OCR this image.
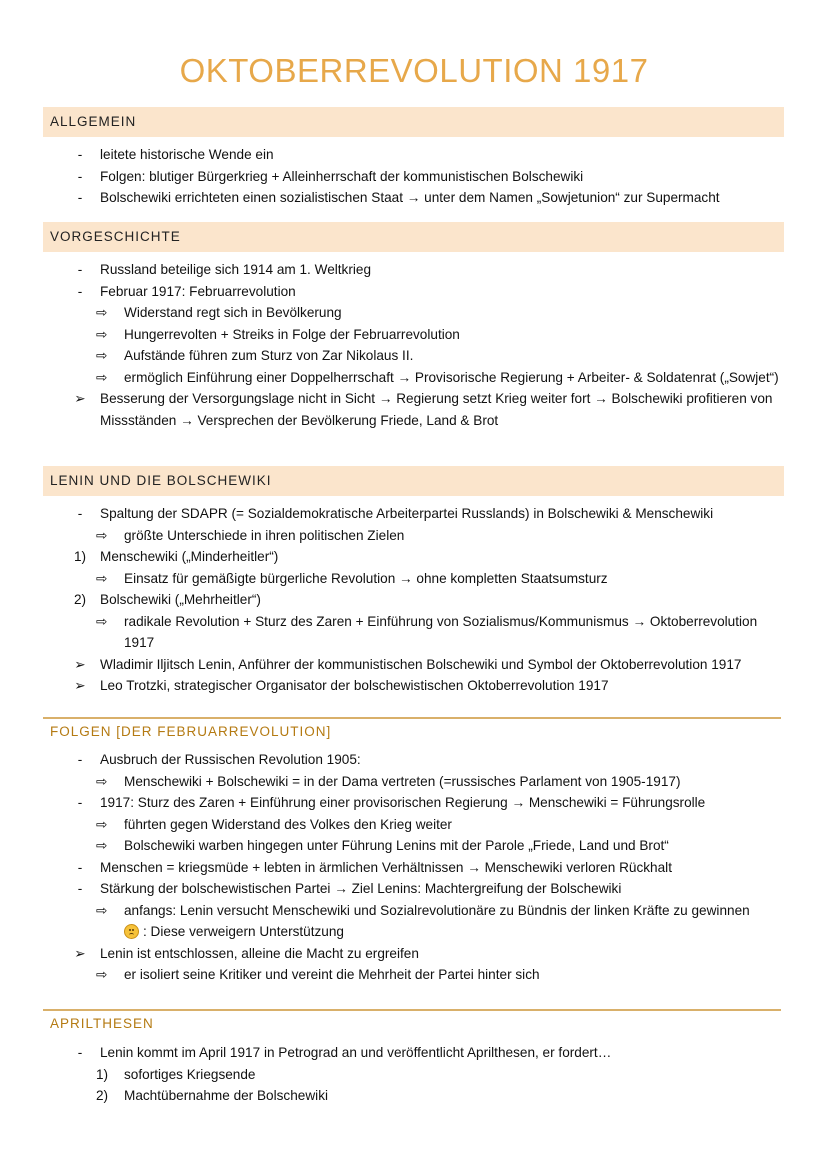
OKTOBERREVOLUTION 1917
ALLGEMEIN
-	leitete historische Wende ein
-	Folgen: blutiger Bürgerkrieg + Alleinherrschaft der kommunistischen Bolschewiki
-	Bolschewiki errichteten einen sozialistischen Staat → unter dem Namen „Sowjetunion“ zur Supermacht
VORGESCHICHTE
-	Russland beteilige sich 1914 am 1. Weltkrieg
-	Februar 1917: Februarrevolution
⇨	Widerstand regt sich in Bevölkerung
⇨	Hungerrevolten + Streiks in Folge der Februarrevolution
⇨	Aufstände führen zum Sturz von Zar Nikolaus II.
⇨	ermöglich Einführung einer Doppelherrschaft → Provisorische Regierung + Arbeiter- & Soldatenrat („Sowjet“)
➢	Besserung der Versorgungslage nicht in Sicht → Regierung setzt Krieg weiter fort → Bolschewiki profitieren von Missständen → Versprechen der Bevölkerung Friede, Land & Brot
LENIN UND DIE BOLSCHEWIKI
-	Spaltung der SDAPR (= Sozialdemokratische Arbeiterpartei Russlands) in Bolschewiki & Menschewiki
⇨	größte Unterschiede in ihren politischen Zielen
1)	Menschewiki („Minderheitler“)
⇨	Einsatz für gemäßigte bürgerliche Revolution → ohne kompletten Staatsumsturz
2)	Bolschewiki („Mehrheitler“)
⇨	radikale Revolution + Sturz des Zaren + Einführung von Sozialismus/Kommunismus → Oktoberrevolution 1917
➢	Wladimir Iljitsch Lenin, Anführer der kommunistischen Bolschewiki und Symbol der Oktoberrevolution 1917
➢	Leo Trotzki, strategischer Organisator der bolschewistischen Oktoberrevolution 1917
FOLGEN [DER FEBRUARREVOLUTION]
-	Ausbruch der Russischen Revolution 1905:
⇨	Menschewiki + Bolschewiki = in der Dama vertreten (=russisches Parlament von 1905-1917)
-	1917: Sturz des Zaren + Einführung einer provisorischen Regierung → Menschewiki = Führungsrolle
⇨	führten gegen Widerstand des Volkes den Krieg weiter
⇨	Bolschewiki warben hingegen unter Führung Lenins mit der Parole „Friede, Land und Brot“
-	Menschen = kriegsmüde + lebten in ärmlichen Verhältnissen → Menschewiki verloren Rückhalt
-	Stärkung der bolschewistischen Partei → Ziel Lenins: Machtergreifung der Bolschewiki
⇨	anfangs: Lenin versucht Menschewiki und Sozialrevolutionäre zu Bündnis der linken Kräfte zu gewinnen

: Diese verweigern Unterstützung
➢	Lenin ist entschlossen, alleine die Macht zu ergreifen
⇨	er isoliert seine Kritiker und vereint die Mehrheit der Partei hinter sich
APRILTHESEN
-	Lenin kommt im April 1917 in Petrograd an und veröffentlicht Aprilthesen, er fordert…
1)	sofortiges Kriegsende
2)	Machtübernahme der Bolschewiki
